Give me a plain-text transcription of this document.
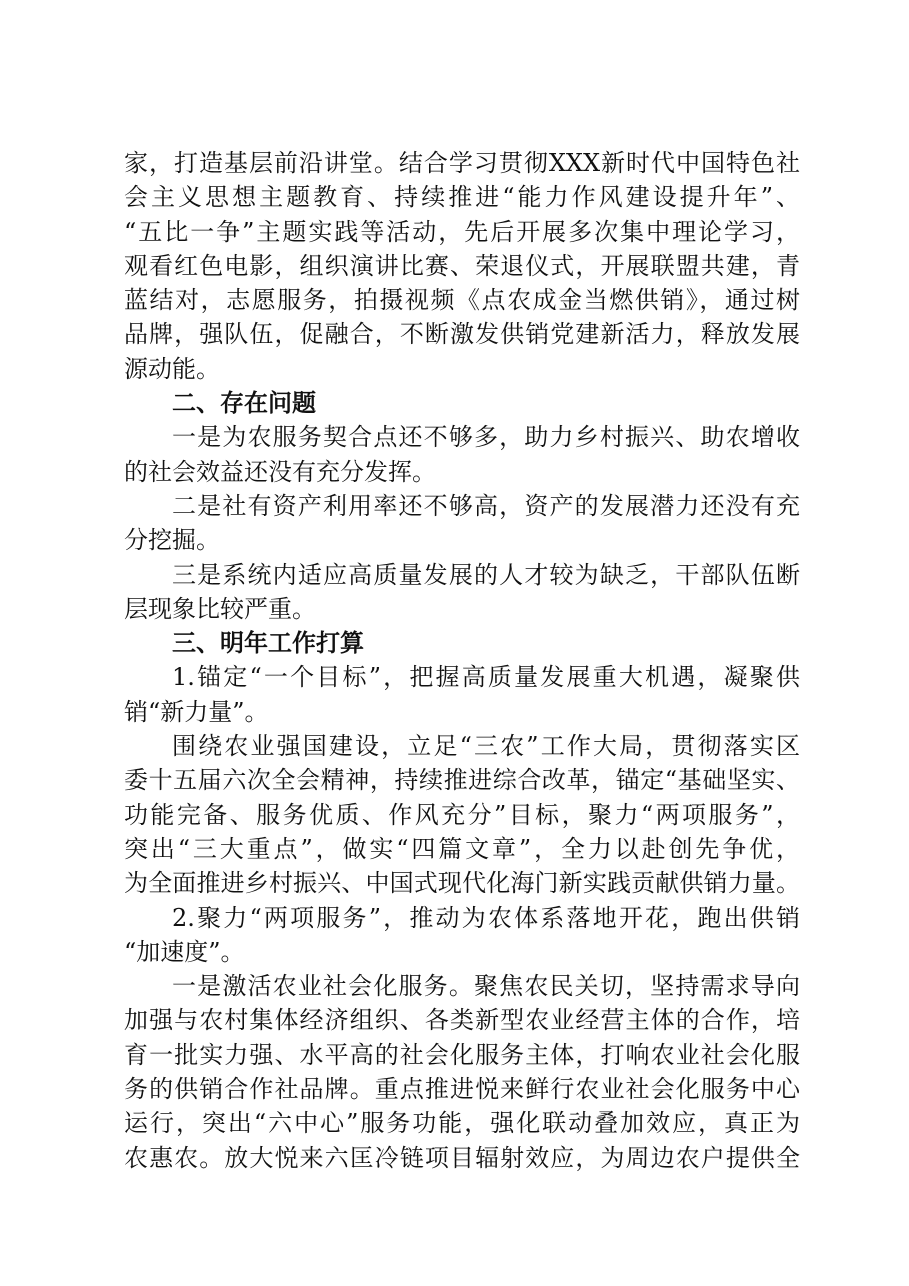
家，打造基层前沿讲堂。结合学习贯彻XXX新时代中国特色社
会主义思想主题教育、持续推进“能力作风建设提升年”、
“五比一争”主题实践等活动，先后开展多次集中理论学习，
观看红色电影，组织演讲比赛、荣退仪式，开展联盟共建，青
蓝结对，志愿服务，拍摄视频《点农成金当燃供销》，通过树
品牌，强队伍，促融合，不断激发供销党建新活力，释放发展
源动能。
二、存在问题
一是为农服务契合点还不够多，助力乡村振兴、助农增收
的社会效益还没有充分发挥。
二是社有资产利用率还不够高，资产的发展潜力还没有充
分挖掘。
三是系统内适应高质量发展的人才较为缺乏，干部队伍断
层现象比较严重。
三、明年工作打算
1.锚定“一个目标”，把握高质量发展重大机遇，凝聚供
销“新力量”。
围绕农业强国建设，立足“三农”工作大局，贯彻落实区
委十五届六次全会精神，持续推进综合改革，锚定“基础坚实、
功能完备、服务优质、作风充分”目标，聚力“两项服务”，
突出“三大重点”，做实“四篇文章”，全力以赴创先争优，
为全面推进乡村振兴、中国式现代化海门新实践贡献供销力量。
2.聚力“两项服务”，推动为农体系落地开花，跑出供销
“加速度”。
一是激活农业社会化服务。聚焦农民关切，坚持需求导向
加强与农村集体经济组织、各类新型农业经营主体的合作，培
育一批实力强、水平高的社会化服务主体，打响农业社会化服
务的供销合作社品牌。重点推进悦来鲜行农业社会化服务中心
运行，突出“六中心”服务功能，强化联动叠加效应，真正为
农惠农。放大悦来六匡冷链项目辐射效应，为周边农户提供全
